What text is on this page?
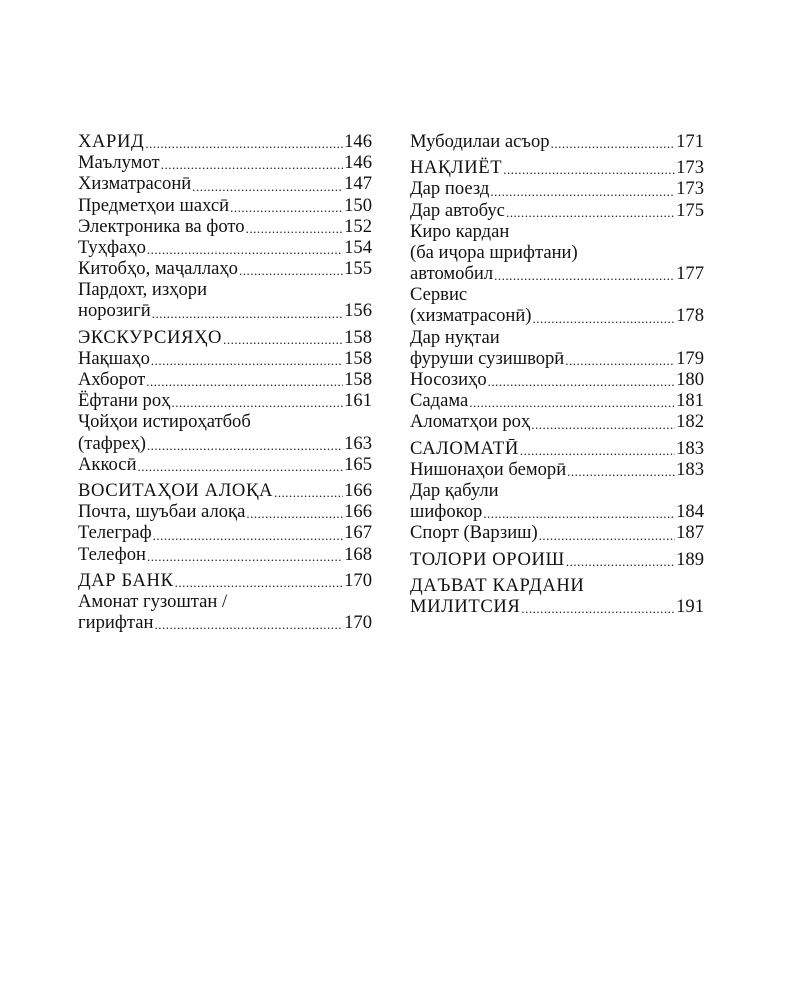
ХАРИД .....	146
Маълумот .....	146
Хизматрасонӣ .....	147
Предметҳои шахсӣ .....	150
Электроника ва фото .....	152
Туҳфаҳо .....	154
Китобҳо, маҷаллаҳо .....	155
Пардохт, изҳори
норозигӣ .....	156
ЭКСКУРСИЯҲО .....	158
Нақшаҳо .....	158
Ахборот .....	158
Ёфтани роҳ .....	161
Ҷойҳои истироҳатбоб
(тафреҳ) .....	163
Аккосӣ .....	165
ВОСИТАҲОИ АЛОҚА .....	166
Почта, шуъбаи алоқа .....	166
Телеграф .....	167
Телефон .....	168
ДАР БАНК .....	170
Амонат гузоштан /
гирифтан .....	170
Мубодилаи асъор .....	171
НАҚЛИЁТ .....	173
Дар поезд .....	173
Дар автобус .....	175
Киро кардан
(ба иҷора шрифтани)
автомобил .....	177
Сервис
(хизматрасонӣ) .....	178
Дар нуқтаи
фуруши сузишворӣ .....	179
Носозиҳо .....	180
Садама .....	181
Аломатҳои роҳ .....	182
САЛОМАТӢ .....	183
Нишонаҳои беморӣ .....	183
Дар қабули
шифокор .....	184
Спорт (Варзиш) .....	187
ТОЛОРИ ОРОИШ .....	189
ДАЪВАТ КАРДАНИ
МИЛИТСИЯ .....	191
